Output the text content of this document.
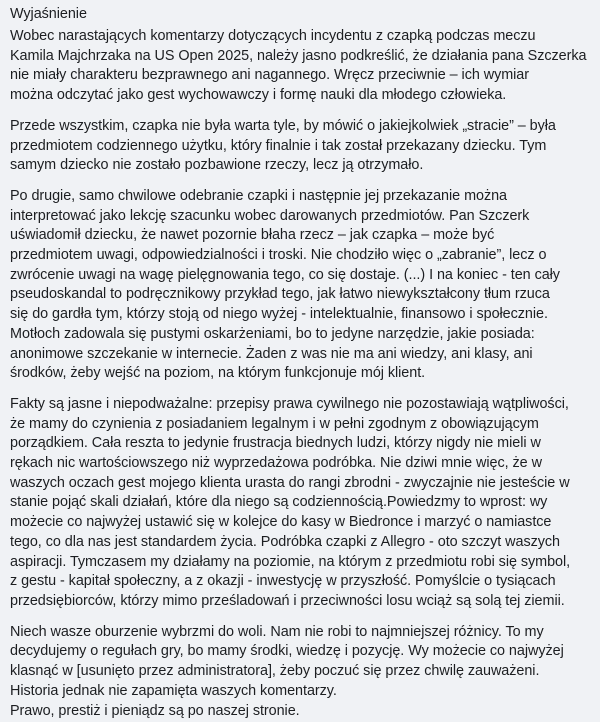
Wyjaśnienie

Wobec narastających komentarzy dotyczących incydentu z czapką podczas meczu
Kamila Majchrzaka na US Open 2025, należy jasno podkreślić, że działania pana Szczerka
nie miały charakteru bezprawnego ani nagannego. Wręcz przeciwnie – ich wymiar
można odczytać jako gest wychowawczy i formę nauki dla młodego człowieka.

Przede wszystkim, czapka nie była warta tyle, by mówić o jakiejkolwiek „stracie” – była
przedmiotem codziennego użytku, który finalnie i tak został przekazany dziecku. Tym
samym dziecko nie zostało pozbawione rzeczy, lecz ją otrzymało.

Po drugie, samo chwilowe odebranie czapki i następnie jej przekazanie można
interpretować jako lekcję szacunku wobec darowanych przedmiotów. Pan Szczerk
uświadomił dziecku, że nawet pozornie błaha rzecz – jak czapka – może być
przedmiotem uwagi, odpowiedzialności i troski. Nie chodziło więc o „zabranie”, lecz o
zwrócenie uwagi na wagę pielęgnowania tego, co się dostaje. (...) I na koniec - ten cały
pseudoskandal to podręcznikowy przykład tego, jak łatwo niewykształcony tłum rzuca
się do gardła tym, którzy stoją od niego wyżej - intelektualnie, finansowo i społecznie.
Motłoch zadowala się pustymi oskarżeniami, bo to jedyne narzędzie, jakie posiada:
anonimowe szczekanie w internecie. Żaden z was nie ma ani wiedzy, ani klasy, ani
środków, żeby wejść na poziom, na którym funkcjonuje mój klient.

Fakty są jasne i niepodważalne: przepisy prawa cywilnego nie pozostawiają wątpliwości,
że mamy do czynienia z posiadaniem legalnym i w pełni zgodnym z obowiązującym
porządkiem. Cała reszta to jedynie frustracja biednych ludzi, którzy nigdy nie mieli w
rękach nic wartościowszego niż wyprzedażowa podróbka. Nie dziwi mnie więc, że w
waszych oczach gest mojego klienta urasta do rangi zbrodni - zwyczajnie nie jesteście w
stanie pojąć skali działań, które dla niego są codziennością.Powiedzmy to wprost: wy
możecie co najwyżej ustawić się w kolejce do kasy w Biedronce i marzyć o namiastce
tego, co dla nas jest standardem życia. Podróbka czapki z Allegro - oto szczyt waszych
aspiracji. Tymczasem my działamy na poziomie, na którym z przedmiotu robi się symbol,
z gestu - kapitał społeczny, a z okazji - inwestycję w przyszłość. Pomyślcie o tysiącach
przedsiębiorców, którzy mimo prześladowań i przeciwności losu wciąż są solą tej ziemii.

Niech wasze oburzenie wybrzmi do woli. Nam nie robi to najmniejszej różnicy. To my
decydujemy o regułach gry, bo mamy środki, wiedzę i pozycję. Wy możecie co najwyżej
klasnąć w [usunięto przez administratora], żeby poczuć się przez chwilę zauważeni.
Historia jednak nie zapamięta waszych komentarzy.
Prawo, prestiż i pieniądz są po naszej stronie.
